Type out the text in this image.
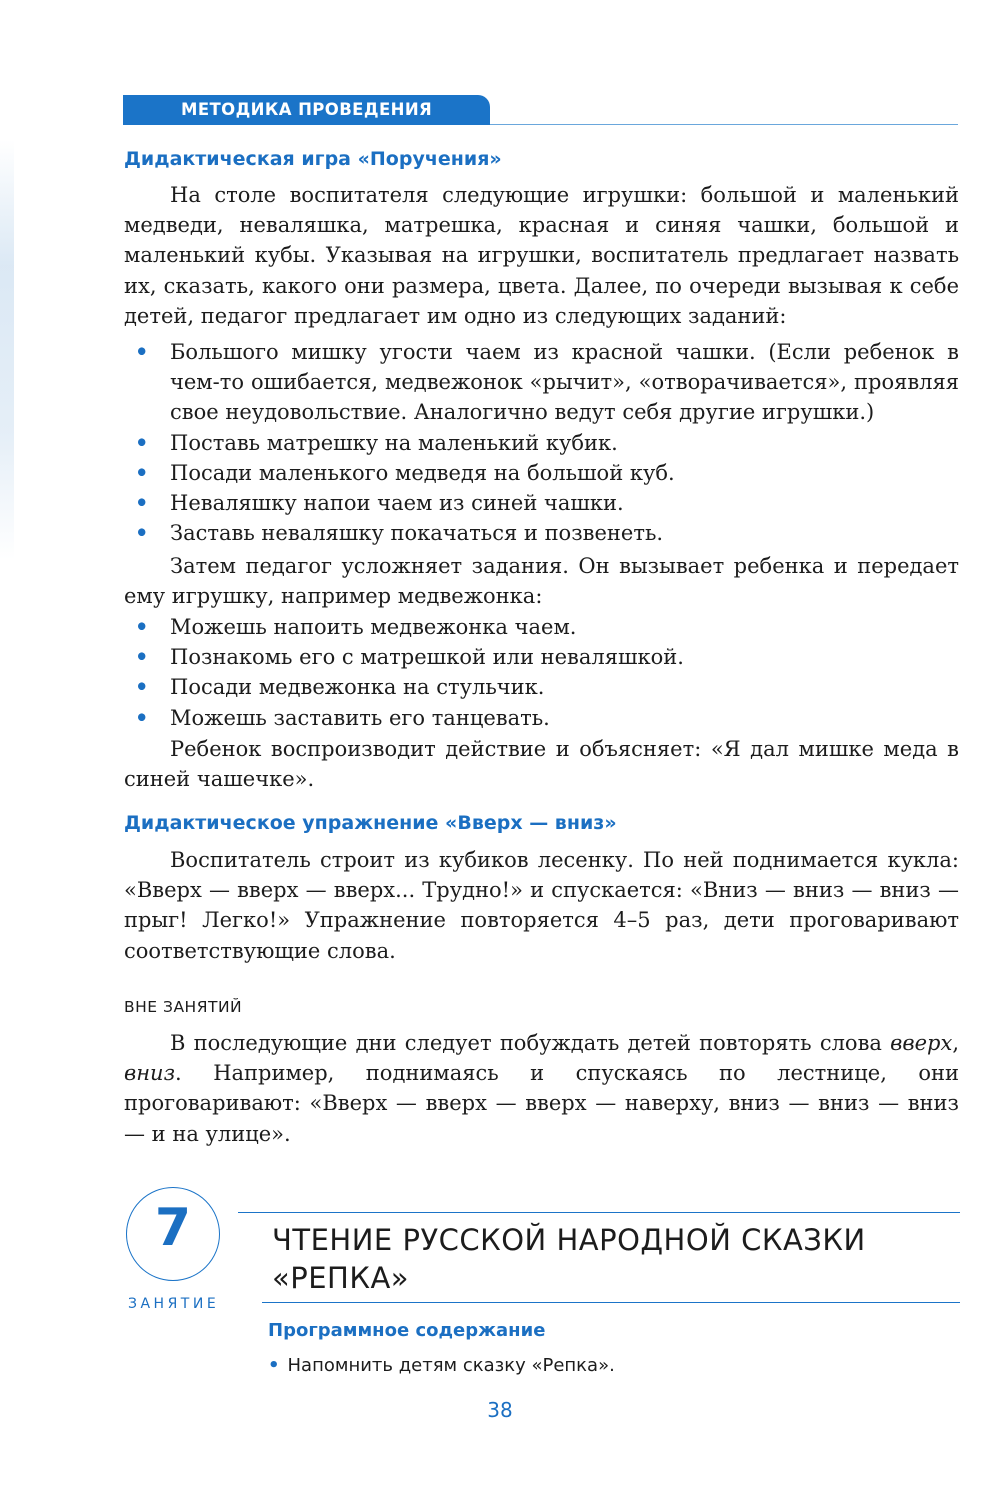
МЕТОДИКА ПРОВЕДЕНИЯ
Дидактическая игра «Поручения»

На столе воспитателя следующие игрушки: большой и маленький медведи, неваляшка, матрешка, красная и синяя чашки, большой и маленький кубы. Указывая на игрушки, воспитатель предлагает назвать их, сказать, какого они размера, цвета. Далее, по очереди вызывая к себе детей, педагог предлагает им одно из следующих заданий:

• Большого мишку угости чаем из красной чашки. (Если ребенок в чем-то ошибается, медвежонок «рычит», «отворачивается», проявляя свое неудовольствие. Аналогично ведут себя другие игрушки.)
• Поставь матрешку на маленький кубик.
• Посади маленького медведя на большой куб.
• Неваляшку напои чаем из синей чашки.
• Заставь неваляшку покачаться и позвенеть.

Затем педагог усложняет задания. Он вызывает ребенка и передает ему игрушку, например медвежонка:

• Можешь напоить медвежонка чаем.
• Познакомь его с матрешкой или неваляшкой.
• Посади медвежонка на стульчик.
• Можешь заставить его танцевать.

Ребенок воспроизводит действие и объясняет: «Я дал мишке меда в синей чашечке».

Дидактическое упражнение «Вверх — вниз»

Воспитатель строит из кубиков лесенку. По ней поднимается кукла: «Вверх — вверх — вверх... Трудно!» и спускается: «Вниз — вниз — вниз — прыг! Легко!» Упражнение повторяется 4–5 раз, дети проговаривают соответствующие слова.

ВНЕ ЗАНЯТИЙ

В последующие дни следует побуждать детей повторять слова вверх, вниз. Например, поднимаясь и спускаясь по лестнице, они проговаривают: «Вверх — вверх — вверх — наверху, вниз — вниз — вниз — и на улице».

7
ЗАНЯТИЕ
ЧТЕНИЕ РУССКОЙ НАРОДНОЙ СКАЗКИ
«РЕПКА»
Программное содержание
• Напомнить детям сказку «Репка».
38
